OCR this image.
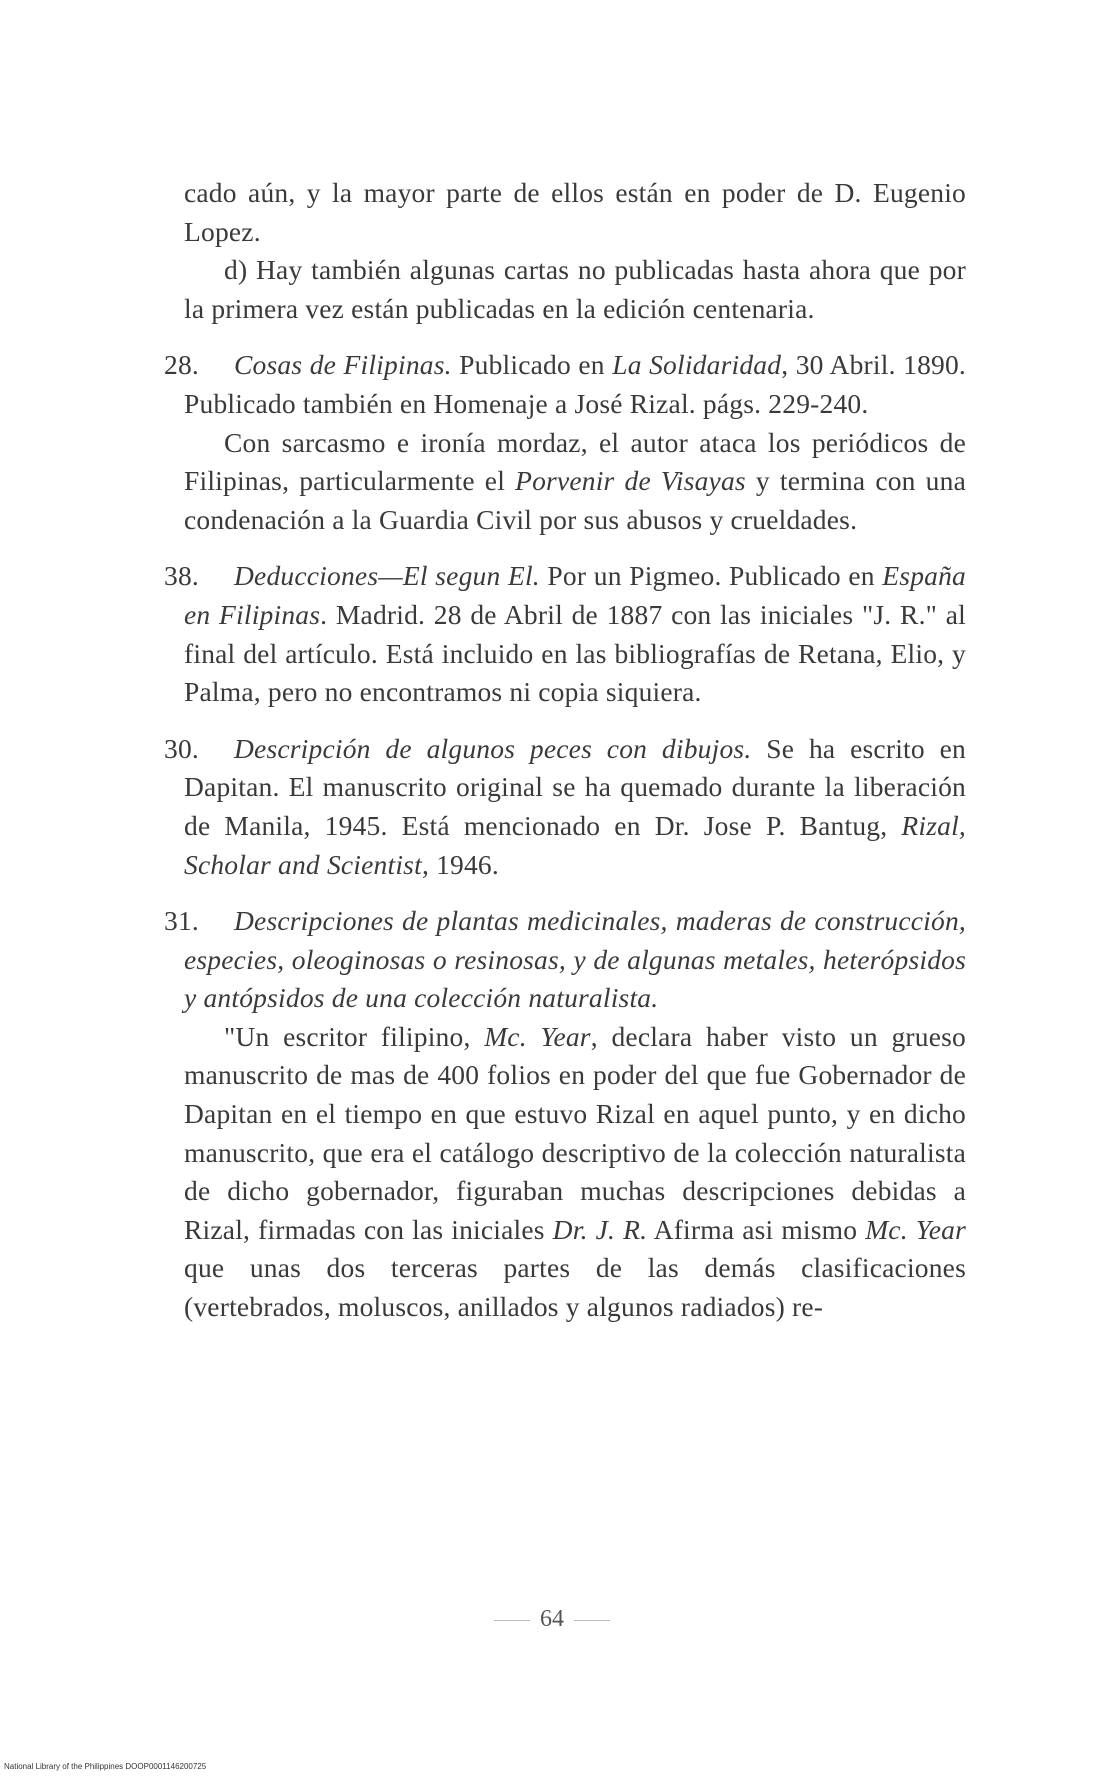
cado aún, y la mayor parte de ellos están en poder de D. Eugenio Lopez.

d) Hay también algunas cartas no publicadas hasta ahora que por la primera vez están publicadas en la edición centenaria.

28. Cosas de Filipinas. Publicado en La Solidaridad, 30 Abril. 1890. Publicado también en Homenaje a José Rizal. págs. 229-240.

Con sarcasmo e ironía mordaz, el autor ataca los periódicos de Filipinas, particularmente el Porvenir de Visayas y termina con una condenación a la Guardia Civil por sus abusos y crueldades.

38. Deducciones—El segun El. Por un Pigmeo. Publicado en España en Filipinas. Madrid. 28 de Abril de 1887 con las iniciales "J. R." al final del artículo. Está incluido en las bibliografías de Retana, Elio, y Palma, pero no encontramos ni copia siquiera.

30. Descripción de algunos peces con dibujos. Se ha escrito en Dapitan. El manuscrito original se ha quemado durante la liberación de Manila, 1945. Está mencionado en Dr. Jose P. Bantug, Rizal, Scholar and Scientist, 1946.

31. Descripciones de plantas medicinales, maderas de construcción, especies, oleoginosas o resinosas, y de algunas metales, heterópsidos y antópsidos de una colección naturalista.

"Un escritor filipino, Mc. Year, declara haber visto un grueso manuscrito de mas de 400 folios en poder del que fue Gobernador de Dapitan en el tiempo en que estuvo Rizal en aquel punto, y en dicho manuscrito, que era el catálogo descriptivo de la colección naturalista de dicho gobernador, figuraban muchas descripciones debidas a Rizal, firmadas con las iniciales Dr. J. R. Afirma asi mismo Mc. Year que unas dos terceras partes de las demás clasificaciones (vertebrados, moluscos, anillados y algunos radiados) re-

64
National Library of the Philippines DOOP0001146200725
